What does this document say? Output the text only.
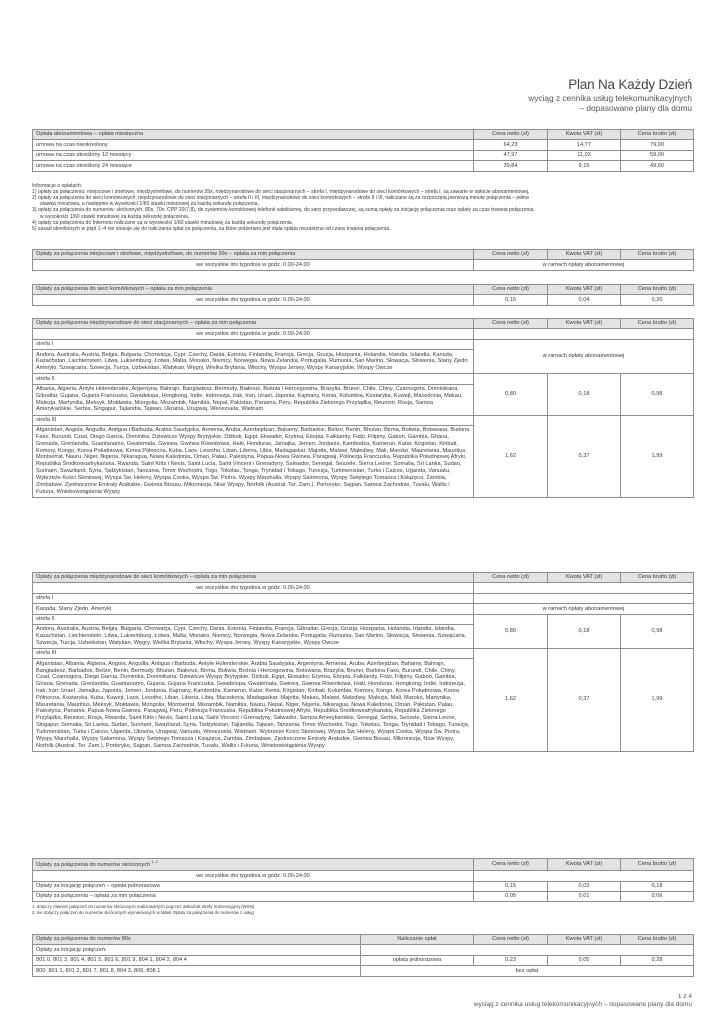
Plan Na Każdy Dzień
wyciąg z cennika usług telekomunikacyjnych
– dopasowane plany dla domu
Opłata abonamentowa – opłata miesięczna	Cena netto (zł)	Kwota VAT (zł)	Cena brutto (zł)
umowa na czas nieokreślony	64,23	14,77	79,00
umowa na czas określony 12 miesięcy	47,97	11,03	59,00
umowa na czas określony 24 miesiące	39,84	9,16	49,00
Informacje o opłatach:
1) opłaty za połączenia: miejscowe i strefowe, międzystrefowe, do numerów 39x, międzynarodowe do sieci stacjonarnych – strefa I, międzynarodowe do sieci komórkowych – strefa I, są zawarte w opłacie abonamentowej,
2) opłaty za połączenia do sieci komórkowych, międzynarodowe do sieci stacjonarnych – strefa II i III, międzynarodowe do sieci komórkowych – strefa II i III, naliczane są za rozpoczętą pierwszą minutę połączenia – pełna
stawka minutowa, a następnie w wysokości 1/60 stawki minutowej za każdą sekundę połączenia,
3) opłaty za połączenia do numerów: skróconych, 80x, 70x, CPP 20(7,8), do systemów komórkowej telefonii satelitarnej, do sieci przywoławczej, są sumą opłaty za inicjację połączenia oraz opłaty za czas trwania połączenia,
w wysokości 1/60 stawki minutowej za każdą sekundę połączenia,
4) opłaty za połączenia do Internetu naliczane są w wysokości 1/60 stawki minutowej za każdą sekundę połączenia,
5) zasad określonych w pkpt 1–4 nie stosuje się do naliczania opłat za połączenia, za które pobierana jest stała opłata niezależna od czasu trwania połączenia.
Opłaty za połączenia miejscowe i strefowe, międzystrefowe, do numerów 39x – opłata za min połączenia	Cena netto (zł)	Kwota VAT (zł)	Cena brutto (zł)
we wszystkie dni tygodnia w godz. 0.00-24.00	w ramach opłaty abonamentowej		
Opłaty za połączenia do sieci komórkowych – opłata za min połączenia	Cena netto (zł)	Kwota VAT (zł)	Cena brutto (zł)
we wszystkie dni tygodnia w godz. 0.00-24.00	0,16	0,04	0,20
Opłaty za połączenia międzynarodowe do sieci stacjonarnych – opłata za min połączenia	Cena netto (zł)	Kwota VAT (zł)	Cena brutto (zł)
we wszystkie dni tygodnia w godz. 0.00-24.00			
strefa I	w ramach opłaty abonamentowej		
Andora, Australia, Austria, Belgia, Bułgaria, Chorwacja, Cypr, Czechy, Dania, Estonia, Finlandia, Francja, Grecja, Gruzja, Hiszpania, Holandia, Irlandia, Islandia, Kanada, Kazachstan, Liechtenstein, Litwa, Luksemburg, Łotwa, Malta, Monako, Niemcy, Norwegia, Nowa Zelandia, Portugalia, Rumunia, San Marino, Słowacja, Słowenia, Stany Zjedn. Ameryki, Szwajcaria, Szwecja, Turcja, Uzbekistan, Watykan, Węgry, Wielka Brytania, Włochy, Wyspa Jersey, Wyspy Kanaryjskie, Wyspy Owcze			
strefa II	0,80	0,18	0,98
Albania, Algieria, Antyle Holenderskie, Argentyna, Bahrajn, Bangladesz, Bermudy, Białoruś, Bośnia i Hercegowina, Brazylia, Brunei, Chile, Chiny, Czarnogóra, Dominikana, Gibraltar, Gujana, Gujana Francuska, Gwadelupa, Hongkong, Indie, Indonezja, Irak, Iran, Izrael, Japonia, Kajmany, Kenia, Kolumbia, Kostaryka, Kuwejt, Macedonia, Makau, Malezja, Martynika, Meksyk, Mołdawia, Mongolia, Mozambik, Namibia, Nepal, Pakistan, Panama, Peru, Republika Zielonego Przylądka, Reunion, Rosja, Samoa Amerykańskie, Serbia, Singapur, Tajlandia, Tajwan, Ukraina, Urugwaj, Wenezuela, Wietnam			
strefa III	1,62	0,37	1,99
Afganistan, Angola, Anguilla, Antigua i Barbuda, Arabia Saudyjska, Armenia, Aruba, Azerbejdżan, Bahamy, Barbados, Belize, Benin, Bhutan, Birma, Boliwia, Botswana, Burkina Faso, Burundi, Czad, Diego Garcia, Dominika, Dziewicze Wyspy Brytyjskie, Dżibuti, Egipt, Ekwador, Erytrea, Etiopia, Falklandy, Fidżi, Filipiny, Gabon, Gambia, Ghana, Grenada, Grenlandia, Guantanamo, Gwatemala, Gwinea, Gwinea Równikowa, Haiti, Honduras, Jamajka, Jemen, Jordania, Kambodża, Kamerun, Katar, Kirgistan, Kiribati, Komory, Kongo, Korea Południowa, Korea Północna, Kuba, Laos, Lesotho, Liban, Liberia, Libia, Madagaskar, Majotta, Malawi, Malediwy, Mali, Maroko, Mauretania, Mauritius, Montserrat, Nauru, Niger, Nigeria, Nikaragua, Nowa Kaledonia, Oman, Palau, Palestyna, Papua-Nowa Gwinea, Paragwaj, Polinezja Francuska, Republika Południowej Afryki, Republika Środkowoafrykańska, Rwanda, Saint Kitts i Nevis, Saint Lucia, Saint Vincent i Grenadyny, Salwador, Senegal, Seszele, Sierra Leone, Somalia, Sri Lanka, Sudan, Surinam, Swaziland, Syria, Tadżykistan, Tanzania, Timor Wschodni, Togo, Tokelau, Tonga, Trynidad i Tobago, Tunezja, Turkmenistan, Turks i Caicos, Uganda, Vanuatu, Wybrzeże Kości Słoniowej, Wyspa Św. Heleny, Wyspa Cooka, Wyspa Św. Piotra, Wyspy Marshalla, Wyspy Salomona, Wyspy Świętego Tomasza i Książęca, Zambia, Zimbabwe, Zjednoczone Emiraty Arabskie, Gwinea Bissau, Mikronezja, Niue Wyspy, Norfolk (Austral. Ter. Zam.), Portoryko, Sajpan, Samoa Zachodnie, Tuvalu, Wallis i Futuna, Wniebowstąpienia Wyspy			
Opłaty za połączenia międzynarodowe do sieci komórkowych – opłata za min połączenia	Cena netto (zł)	Kwota VAT (zł)	Cena brutto (zł)
we wszystkie dni tygodnia w godz. 0.00-24.00			
strefa I			
Kanada, Stany Zjedn. Ameryki	w ramach opłaty abonamentowej		
strefa II	0,80	0,18	0,98
Andora, Australia, Austria, Belgia, Bułgaria, Chorwacja, Cypr, Czechy, Dania, Estonia, Finlandia, Francja, Gibraltar, Grecja, Gruzja, Hiszpania, Holandia, Irlandia, Islandia, Kazachstan, Liechtenstein, Litwa, Luksemburg, Łotwa, Malta, Monako, Niemcy, Norwegia, Nowa Zelandia, Portugalia, Rumunia, San Marino, Słowacja, Słowenia, Szwajcaria, Szwecja, Turcja, Uzbekistan, Watykan, Węgry, Wielka Brytania, Włochy, Wyspa Jersey, Wyspy Kanaryjskie, Wyspy Owcze			
strefa III	1,62	0,37	1,99
Afganistan, Albania, Algieria, Angola, Anguilla, Antigua i Barbuda, Antyle Holenderskie, Arabia Saudyjska, Argentyna, Armenia, Aruba, Azerbejdżan, Bahamy, Bahrajn, Bangladesz, Barbados, Belize, Benin, Bermudy, Bhutan, Białoruś, Birma, Boliwia, Bośnia i Hercegowina, Botswana, Brazylia, Brunei, Burkina Faso, Burundi, Chile, Chiny, Czad, Czarnogóra, Diego Garcia, Dominika, Dominikana, Dziewicze Wyspy Brytyjskie, Dżibuti, Egipt, Ekwador, Erytrea, Etiopia, Falklandy, Fidżi, Filipiny, Gabon, Gambia, Ghana, Grenada, Grenlandia, Guantanamo, Gujana, Gujana Francuska, Gwadelupa, Gwatemala, Gwinea, Gwinea Równikowa, Haiti, Honduras, Hongkong, Indie, Indonezja, Irak, Iran, Izrael, Jamajka, Japonia, Jemen, Jordania, Kajmany, Kambodża, Kamerun, Katar, Kenia, Kirgistan, Kiribati, Kolumbia, Komory, Kongo, Korea Południowa, Korea Północna, Kostaryka, Kuba, Kuwejt, Laos, Lesotho, Liban, Liberia, Libia, Macedonia, Madagaskar, Majotta, Makau, Malawi, Malediwy, Malezja, Mali, Maroko, Martynika, Mauretania, Mauritius, Meksyk, Mołdawia, Mongolia, Montserrat, Mozambik, Namibia, Nauru, Nepal, Niger, Nigeria, Nikaragua, Nowa Kaledonia, Oman, Pakistan, Palau, Palestyna, Panama, Papua-Nowa Gwinea, Paragwaj, Peru, Polinezja Francuska, Republika Południowej Afryki, Republika Środkowoafrykańska, Republika Zielonego Przylądka, Reunion, Rosja, Rwanda, Saint Kitts i Nevis, Saint Lucia, Saint Vincent i Grenadyny, Salwador, Samoa Amerykańskie, Senegal, Serbia, Seszele, Sierra Leone, Singapur, Somalia, Sri Lanka, Sudan, Surinam, Swaziland, Syria, Tadżykistan, Tajlandia, Tajwan, Tanzania, Timor Wschodni, Togo, Tokelau, Tonga, Trynidad i Tobago, Tunezja, Turkmenistan, Turks i Caicos, Uganda, Ukraina, Urugwaj, Vanuatu, Wenezuela, Wietnam, Wybrzeże Kości Słoniowej, Wyspa Św. Heleny, Wyspa Cooka, Wyspa Św. Piotra, Wyspy Marshalla, Wyspy Salomona, Wyspy Świętego Tomasza i Książęca, Zambia, Zimbabwe, Zjednoczone Emiraty Arabskie, Gwinea Bissau, Mikronezja, Niue Wyspy, Norfolk (Austral. Ter. Zam.), Portoryko, Sajpan, Samoa Zachodnie, Tuvalu, Wallis i Futuna, Wniebowstąpienia Wyspy			
Opłaty za połączenia do numerów skróconych $^{1, 2}$	Cena netto (zł)	Kwota VAT (zł)	Cena brutto (zł)
we wszystkie dni tygodnia w godz. 0.00-24.00			
Opłaty za inicjację połączeń – opłata jednorazowa	0,15	0,03	0,18
Opłaty za połączenia – opłata za min połączenia	0,05	0,01	0,06
1. dotyczy również połączeń do numerów skróconych realizowanych poprzez wskaźnik strefy numeracyjnej (WSN)
2. nie dotyczy połączeń do numerów skróconych wymienionych w tabeli Opłaty za połączenia do numerów z usług
Opłaty za połączenia do numerów 80x	Naliczanie opłat	Cena netto (zł)	Kwota VAT (zł)	Cena brutto (zł)
Opłaty za inicjację połączeń:				
801 0, 801 3, 801 4, 801 5, 801 6, 801 9, 804 1, 804 2, 804 4	opłata jednorazowa	0,23	0,05	0,28
800, 801 1, 801 2, 801 7, 801 8, 804 3, 806, 808 1	bez opłat			
1 z 4
wyciąg z cennika usług telekomunikacyjnych – dopasowane plany dla domu
